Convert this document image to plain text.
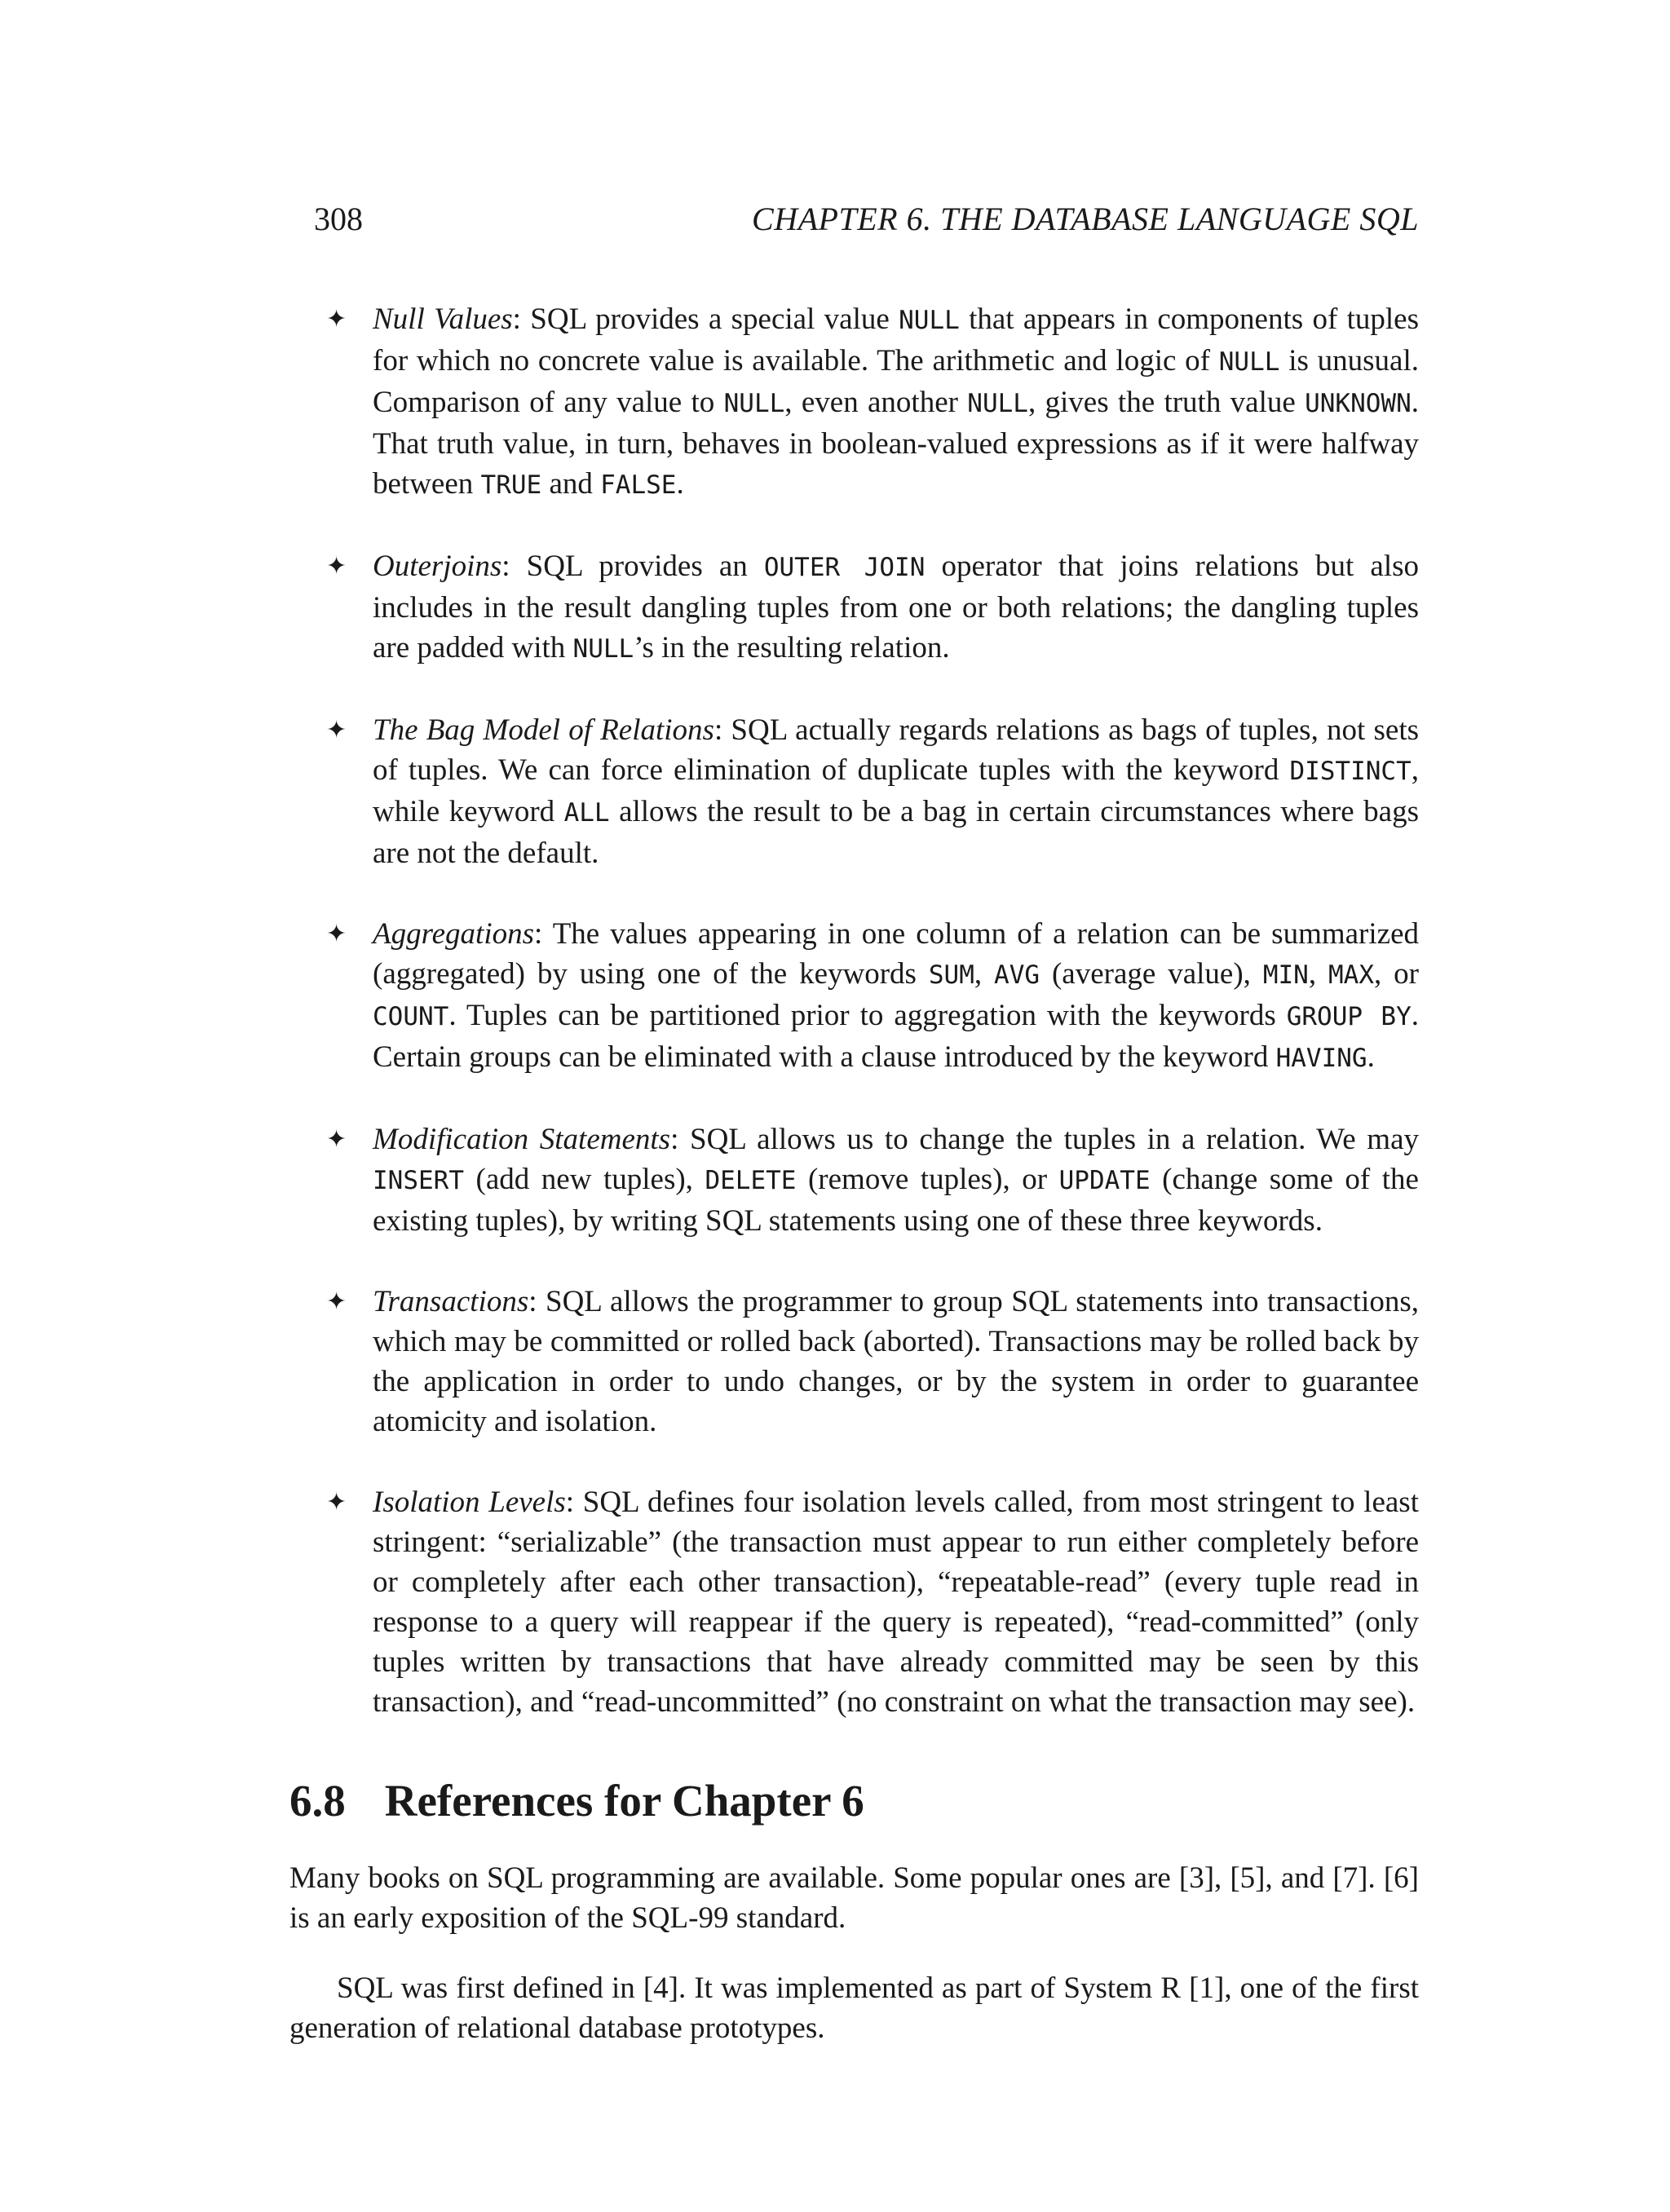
308	CHAPTER 6. THE DATABASE LANGUAGE SQL
✦ Null Values: SQL provides a special value NULL that appears in components of tuples for which no concrete value is available. The arithmetic and logic of NULL is unusual. Comparison of any value to NULL, even another NULL, gives the truth value UNKNOWN. That truth value, in turn, behaves in boolean-valued expressions as if it were halfway between TRUE and FALSE.
✦ Outerjoins: SQL provides an OUTER JOIN operator that joins relations but also includes in the result dangling tuples from one or both relations; the dangling tuples are padded with NULL’s in the resulting relation.
✦ The Bag Model of Relations: SQL actually regards relations as bags of tuples, not sets of tuples. We can force elimination of duplicate tuples with the keyword DISTINCT, while keyword ALL allows the result to be a bag in certain circumstances where bags are not the default.
✦ Aggregations: The values appearing in one column of a relation can be summarized (aggregated) by using one of the keywords SUM, AVG (average value), MIN, MAX, or COUNT. Tuples can be partitioned prior to aggregation with the keywords GROUP BY. Certain groups can be eliminated with a clause introduced by the keyword HAVING.
✦ Modification Statements: SQL allows us to change the tuples in a relation. We may INSERT (add new tuples), DELETE (remove tuples), or UPDATE (change some of the existing tuples), by writing SQL statements using one of these three keywords.
✦ Transactions: SQL allows the programmer to group SQL statements into transactions, which may be committed or rolled back (aborted). Transactions may be rolled back by the application in order to undo changes, or by the system in order to guarantee atomicity and isolation.
✦ Isolation Levels: SQL defines four isolation levels called, from most stringent to least stringent: “serializable” (the transaction must appear to run either completely before or completely after each other transaction), “repeatable-read” (every tuple read in response to a query will reappear if the query is repeated), “read-committed” (only tuples written by transactions that have already committed may be seen by this transaction), and “read-uncommitted” (no constraint on what the transaction may see).
6.8 References for Chapter 6

Many books on SQL programming are available. Some popular ones are [3], [5], and [7]. [6] is an early exposition of the SQL-99 standard.

SQL was first defined in [4]. It was implemented as part of System R [1], one of the first generation of relational database prototypes.
